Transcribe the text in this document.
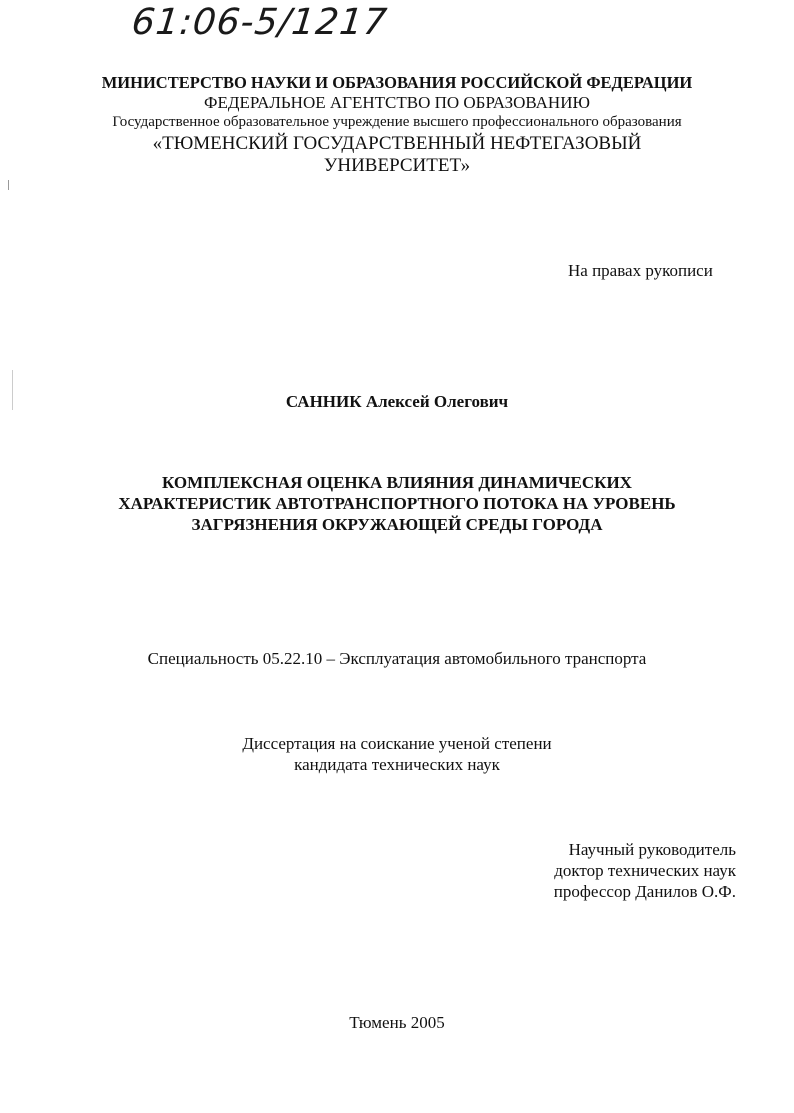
61:06-5/1217
МИНИСТЕРСТВО НАУКИ И ОБРАЗОВАНИЯ РОССИЙСКОЙ ФЕДЕРАЦИИ
ФЕДЕРАЛЬНОЕ АГЕНТСТВО ПО ОБРАЗОВАНИЮ
Государственное образовательное учреждение высшего профессионального образования
«ТЮМЕНСКИЙ ГОСУДАРСТВЕННЫЙ НЕФТЕГАЗОВЫЙ
УНИВЕРСИТЕТ»
На правах рукописи
САННИК Алексей Олегович
КОМПЛЕКСНАЯ ОЦЕНКА ВЛИЯНИЯ ДИНАМИЧЕСКИХ
ХАРАКТЕРИСТИК АВТОТРАНСПОРТНОГО ПОТОКА НА УРОВЕНЬ
ЗАГРЯЗНЕНИЯ ОКРУЖАЮЩЕЙ СРЕДЫ ГОРОДА
Специальность 05.22.10 – Эксплуатация автомобильного транспорта
Диссертация на соискание ученой степени
кандидата технических наук
Научный руководитель
доктор технических наук
профессор Данилов О.Ф.
Тюмень 2005
